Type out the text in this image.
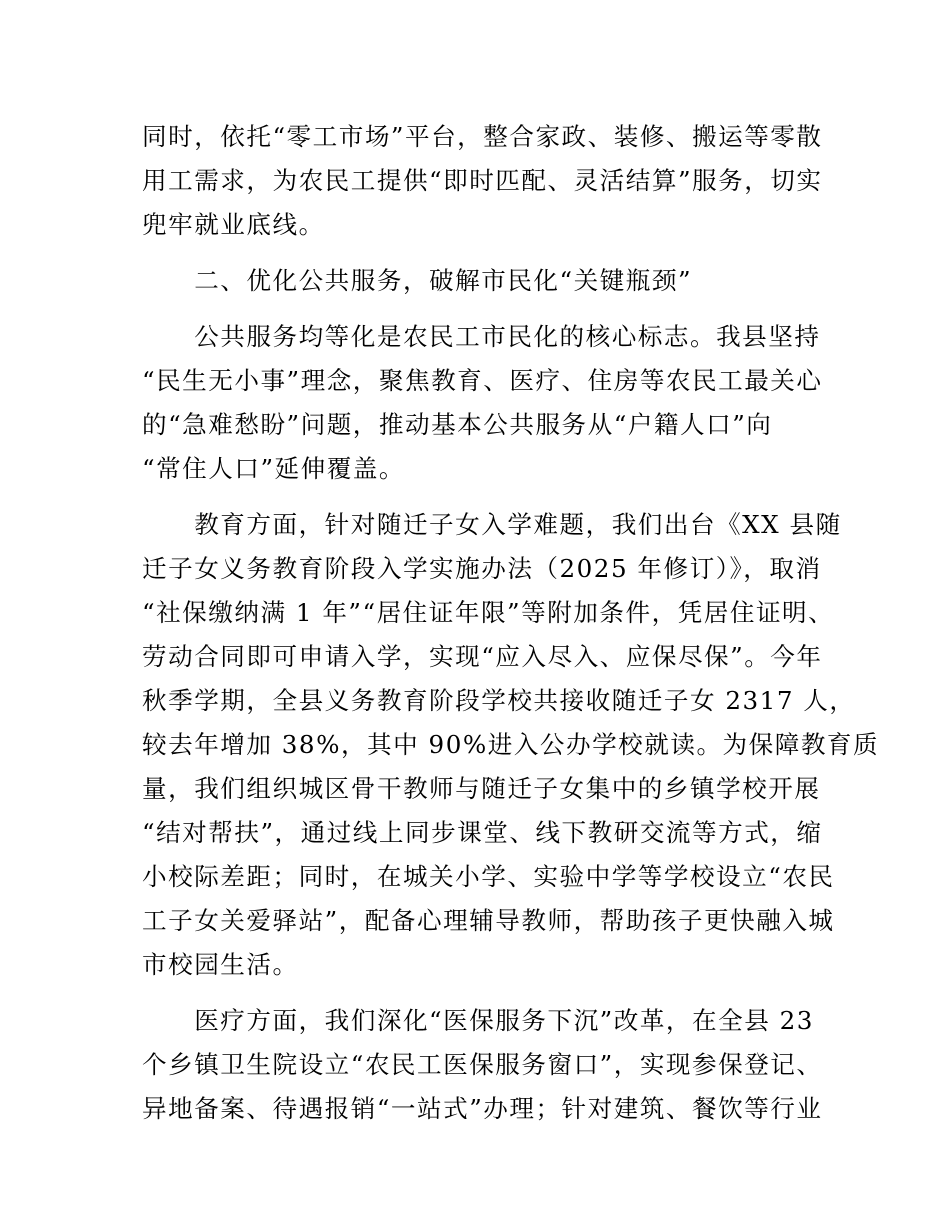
同时，依托“零工市场”平台，整合家政、装修、搬运等零散
用工需求，为农民工提供“即时匹配、灵活结算”服务，切实
兜牢就业底线。
　　二、优化公共服务，破解市民化“关键瓶颈”
　　公共服务均等化是农民工市民化的核心标志。我县坚持
“民生无小事”理念，聚焦教育、医疗、住房等农民工最关心
的“急难愁盼”问题，推动基本公共服务从“户籍人口”向
“常住人口”延伸覆盖。
　　教育方面，针对随迁子女入学难题，我们出台《XX 县随
迁子女义务教育阶段入学实施办法（2025 年修订）》，取消
“社保缴纳满 1 年”“居住证年限”等附加条件，凭居住证明、
劳动合同即可申请入学，实现“应入尽入、应保尽保”。今年
秋季学期，全县义务教育阶段学校共接收随迁子女 2317 人，
较去年增加 38%，其中 90%进入公办学校就读。为保障教育质
量，我们组织城区骨干教师与随迁子女集中的乡镇学校开展
“结对帮扶”，通过线上同步课堂、线下教研交流等方式，缩
小校际差距；同时，在城关小学、实验中学等学校设立“农民
工子女关爱驿站”，配备心理辅导教师，帮助孩子更快融入城
市校园生活。
　　医疗方面，我们深化“医保服务下沉”改革，在全县 23
个乡镇卫生院设立“农民工医保服务窗口”，实现参保登记、
异地备案、待遇报销“一站式”办理；针对建筑、餐饮等行业
